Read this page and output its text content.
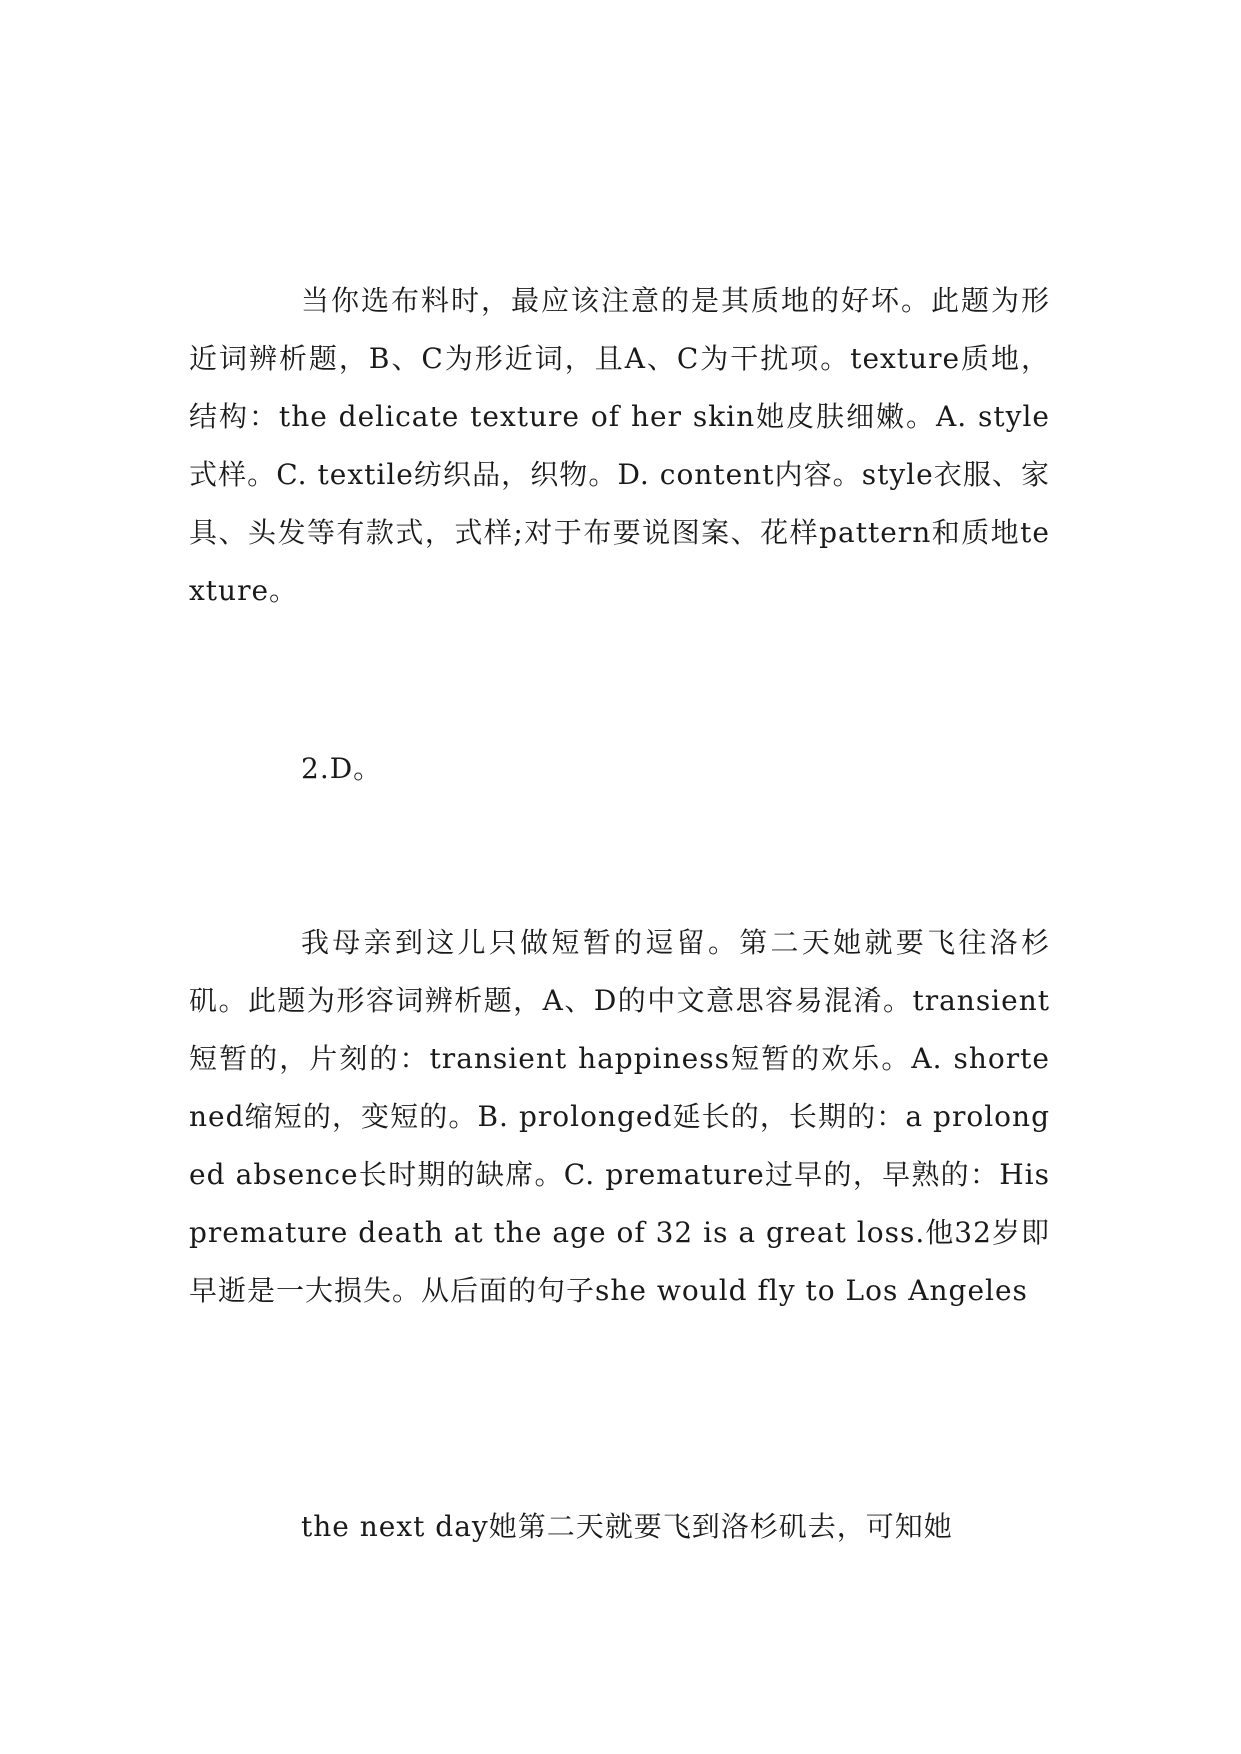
当你选布料时，最应该注意的是其质地的好坏。此题为形近词辨析题，B、C为形近词，且A、C为干扰项。texture质地，结构：the delicate texture of her skin她皮肤细嫩。A. style式样。C. textile纺织品，织物。D. content内容。style衣服、家具、头发等有款式，式样;对于布要说图案、花样pattern和质地texture。

2.D。

我母亲到这儿只做短暂的逗留。第二天她就要飞往洛杉矶。此题为形容词辨析题，A、D的中文意思容易混淆。transient短暂的，片刻的：transient happiness短暂的欢乐。A. shortened缩短的，变短的。B. prolonged延长的，长期的：a prolonged absence长时期的缺席。C. premature过早的，早熟的：His premature death at the age of 32 is a great loss.他32岁即早逝是一大损失。从后面的句子she would fly to Los Angeles

the next day她第二天就要飞到洛杉矶去，可知她
